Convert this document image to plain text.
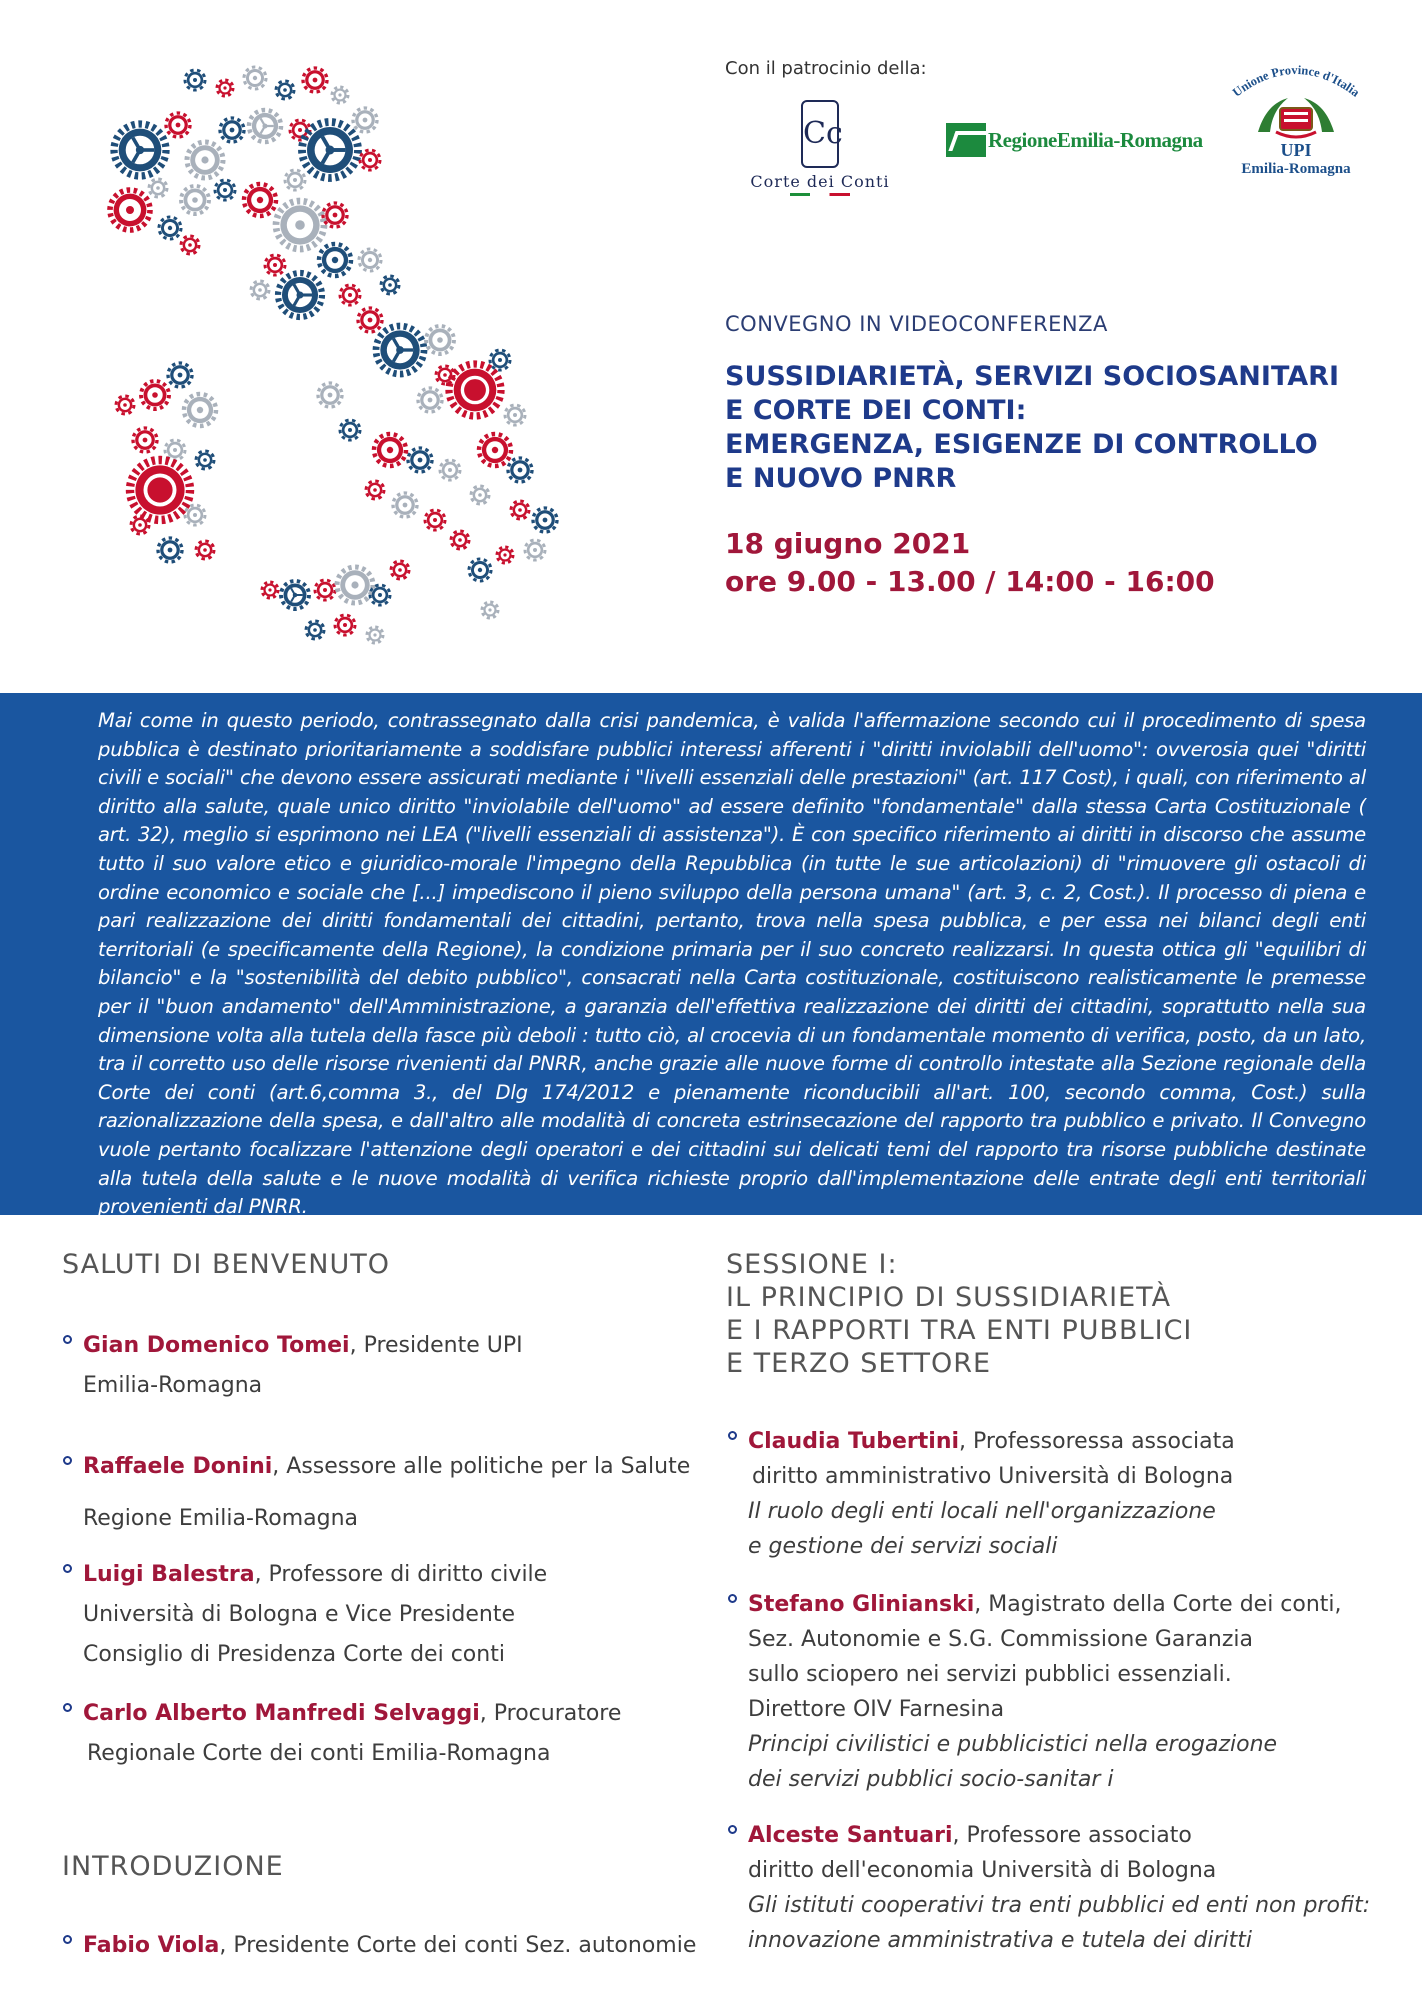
Con il patrocinio della:
Cc
Corte dei Conti
RegioneEmilia-Romagna
Unione Province d'Italia
UPI
Emilia-Romagna
CONVEGNO IN VIDEOCONFERENZA
SUSSIDIARIETÀ, SERVIZI SOCIOSANITARI
E CORTE DEI CONTI:
EMERGENZA, ESIGENZE DI CONTROLLO
E NUOVO PNRR
18 giugno 2021
ore 9.00 - 13.00 / 14:00 - 16:00

Mai come in questo periodo, contrassegnato dalla crisi pandemica, è valida l'affermazione secondo cui il procedimento di spesa pubblica è destinato prioritariamente a soddisfare pubblici interessi afferenti i "diritti inviolabili dell'uomo": ovverosia quei "diritti civili e sociali" che devono essere assicurati mediante i "livelli essenziali delle prestazioni" (art. 117 Cost), i quali, con riferimento al diritto alla salute, quale unico diritto "inviolabile dell'uomo" ad essere definito "fondamentale" dalla stessa Carta Costituzionale ( art. 32), meglio si esprimono nei LEA ("livelli essenziali di assistenza"). È con specifico riferimento ai diritti in discorso che assume tutto il suo valore etico e giuridico-morale l'impegno della Repubblica (in tutte le sue articolazioni) di "rimuovere gli ostacoli di ordine economico e sociale che [...] impediscono il pieno sviluppo della persona umana" (art. 3, c. 2, Cost.). Il processo di piena e pari realizzazione dei diritti fondamentali dei cittadini, pertanto, trova nella spesa pubblica, e per essa nei bilanci degli enti territoriali (e specificamente della Regione), la condizione primaria per il suo concreto realizzarsi. In questa ottica gli "equilibri di bilancio" e la "sostenibilità del debito pubblico", consacrati nella Carta costituzionale, costituiscono realisticamente le premesse per il "buon andamento" dell'Amministrazione, a garanzia dell'effettiva realizzazione dei diritti dei cittadini, soprattutto nella sua dimensione volta alla tutela della fasce più deboli : tutto ciò, al crocevia di un fondamentale momento di verifica, posto, da un lato, tra il corretto uso delle risorse rivenienti dal PNRR, anche grazie alle nuove forme di controllo intestate alla Sezione regionale della Corte dei conti (art.6,comma 3., del Dlg 174/2012 e pienamente riconducibili all'art. 100, secondo comma, Cost.) sulla razionalizzazione della spesa, e dall'altro alle modalità di concreta estrinsecazione del rapporto tra pubblico e privato. Il Convegno vuole pertanto focalizzare l'attenzione degli operatori e dei cittadini sui delicati temi del rapporto tra risorse pubbliche destinate alla tutela della salute e le nuove modalità di verifica richieste proprio dall'implementazione delle entrate degli enti territoriali provenienti dal PNRR.

SALUTI DI BENVENUTO
Gian Domenico Tomei, Presidente UPI
Emilia-Romagna
Raffaele Donini, Assessore alle politiche per la Salute
Regione Emilia-Romagna
Luigi Balestra, Professore di diritto civile
Università di Bologna e Vice Presidente
Consiglio di Presidenza Corte dei conti
Carlo Alberto Manfredi Selvaggi, Procuratore
Regionale Corte dei conti Emilia-Romagna
INTRODUZIONE
Fabio Viola, Presidente Corte dei conti Sez. autonomie
SESSIONE I:
IL PRINCIPIO DI SUSSIDIARIETÀ
E I RAPPORTI TRA ENTI PUBBLICI
E TERZO SETTORE
Claudia Tubertini, Professoressa associata
diritto amministrativo Università di Bologna
Il ruolo degli enti locali nell'organizzazione
e gestione dei servizi sociali
Stefano Glinianski, Magistrato della Corte dei conti,
Sez. Autonomie e S.G. Commissione Garanzia
sullo sciopero nei servizi pubblici essenziali.
Direttore OIV Farnesina
Principi civilistici e pubblicistici nella erogazione
dei servizi pubblici socio-sanitar i
Alceste Santuari, Professore associato
diritto dell'economia Università di Bologna
Gli istituti cooperativi tra enti pubblici ed enti non profit:
innovazione amministrativa e tutela dei diritti
